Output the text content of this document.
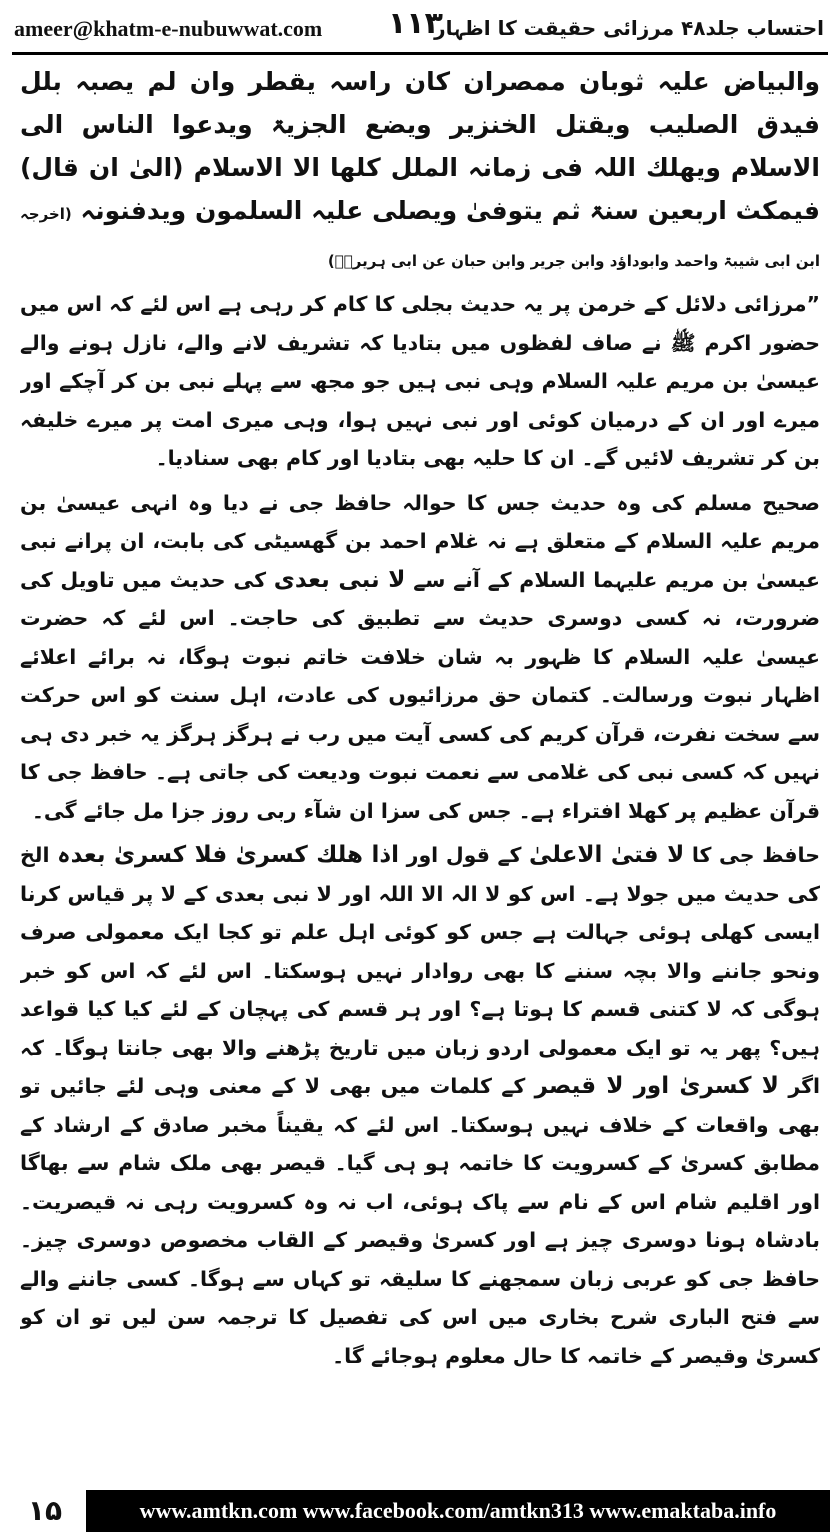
ameer@khatm-e-nubuwwat.com ۱۱۳
احتساب جلد۴۸ مرزائی حقیقت کا اظہار

والبیاض علیہ ثوبان ممصران کان راسہ یقطر وان لم یصبہ بلل فیدق الصلیب ویقتل الخنزیر ویضع الجزیۃ ویدعوا الناس الی الاسلام ویھلك اللہ فی زمانہ الملل کلھا الا الاسلام (الیٰ ان قال) فیمکث اربعین سنۃ ثم یتوفیٰ ویصلی علیہ السلمون ویدفنونہ (اخرجہ ابن ابی شیبۃ واحمد وابوداؤد وابن جریر وابن حبان عن ابی ہریرۃؓ)

”مرزائی دلائل کے خرمن پر یہ حدیث بجلی کا کام کر رہی ہے اس لئے کہ اس میں حضور اکرم ﷺ نے صاف لفظوں میں بتادیا کہ تشریف لانے والے، نازل ہونے والے عیسیٰ بن مریم علیہ السلام وہی نبی ہیں جو مجھ سے پہلے نبی بن کر آچکے اور میرے اور ان کے درمیان کوئی اور نبی نہیں ہوا، وہی میری امت پر میرے خلیفہ بن کر تشریف لائیں گے۔ ان کا حلیہ بھی بتادیا اور کام بھی سنادیا۔

صحیح مسلم کی وہ حدیث جس کا حوالہ حافظ جی نے دیا وہ انہی عیسیٰ بن مریم علیہ السلام کے متعلق ہے نہ غلام احمد بن گھسیٹی کی بابت، ان پرانے نبی عیسیٰ بن مریم علیہما السلام کے آنے سے لا نبی بعدی کی حدیث میں تاویل کی ضرورت، نہ کسی دوسری حدیث سے تطبیق کی حاجت۔ اس لئے کہ حضرت عیسیٰ علیہ السلام کا ظہور بہ شان خلافت خاتم نبوت ہوگا، نہ برائے اعلائے اظہار نبوت ورسالت۔ کتمان حق مرزائیوں کی عادت، اہل سنت کو اس حرکت سے سخت نفرت، قرآن کریم کی کسی آیت میں رب نے ہرگز ہرگز یہ خبر دی ہی نہیں کہ کسی نبی کی غلامی سے نعمت نبوت ودیعت کی جاتی ہے۔ حافظ جی کا قرآن عظیم پر کھلا افتراء ہے۔ جس کی سزا ان شآء ربی روز جزا مل جائے گی۔

حافظ جی کا لا فتیٰ الاعلیٰ کے قول اور اذا ھلك کسریٰ فلا کسریٰ بعدہ الخ کی حدیث میں جولا ہے۔ اس کو لا الہ الا اللہ اور لا نبی بعدی کے لا پر قیاس کرنا ایسی کھلی ہوئی جہالت ہے جس کو کوئی اہل علم تو کجا ایک معمولی صرف ونحو جاننے والا بچہ سننے کا بھی روادار نہیں ہوسکتا۔ اس لئے کہ اس کو خبر ہوگی کہ لا کتنی قسم کا ہوتا ہے؟ اور ہر قسم کی پہچان کے لئے کیا کیا قواعد ہیں؟ پھر یہ تو ایک معمولی اردو زبان میں تاریخ پڑھنے والا بھی جانتا ہوگا۔ کہ اگر لا کسریٰ اور لا قیصر کے کلمات میں بھی لا کے معنی وہی لئے جائیں تو بھی واقعات کے خلاف نہیں ہوسکتا۔ اس لئے کہ یقیناً مخبر صادق کے ارشاد کے مطابق کسریٰ کے کسرویت کا خاتمہ ہو ہی گیا۔ قیصر بھی ملک شام سے بھاگا اور اقلیم شام اس کے نام سے پاک ہوئی، اب نہ وہ کسرویت رہی نہ قیصریت۔ بادشاہ ہونا دوسری چیز ہے اور کسریٰ وقیصر کے القاب مخصوص دوسری چیز۔ حافظ جی کو عربی زبان سمجھنے کا سلیقہ تو کہاں سے ہوگا۔ کسی جاننے والے سے فتح الباری شرح بخاری میں اس کی تفصیل کا ترجمہ سن لیں تو ان کو کسریٰ وقیصر کے خاتمہ کا حال معلوم ہوجائے گا۔

۱۵	www.amtkn.com www.facebook.com/amtkn313 www.emaktaba.info
